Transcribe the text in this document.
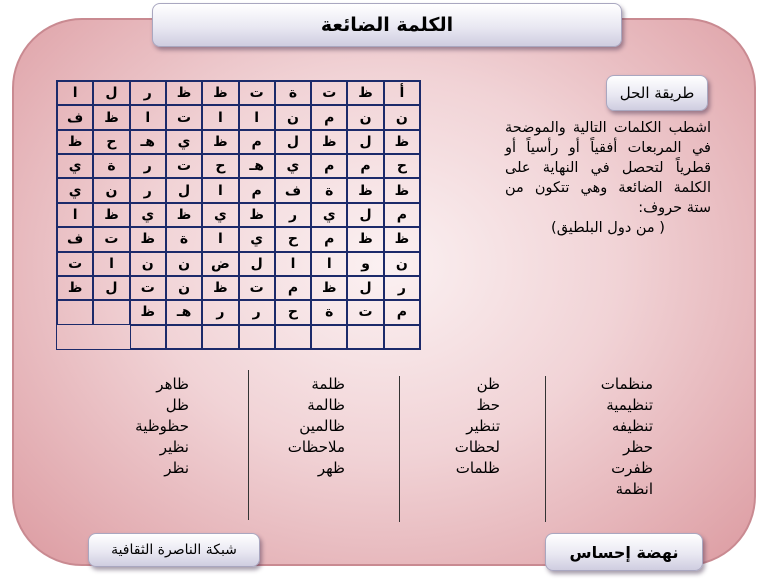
الكلمة الضائعة
أ
ظ
ت
ة
ت
ظ
ظ
ر
ل
ا
ن
ن
م
ن
ا
ا
ت
ا
ظ
ف
ظ
ل
ظ
ل
م
ظ
ي
هـ
ح
ظ
ح
م
م
ي
هـ
ح
ت
ر
ة
ي
ظ
ظ
ة
ف
م
ا
ل
ر
ن
ي
م
ل
ي
ر
ظ
ي
ظ
ي
ظ
ا
ظ
ظ
م
ح
ي
ا
ة
ظ
ت
ف
ن
و
ا
ا
ل
ض
ن
ن
ا
ت
ر
ل
ظ
م
ت
ظ
ن
ت
ل
ظ
م
ت
ة
ح
ر
ر
هـ
ظ
طريقة الحل
اشطب الكلمات التالية والموضحة في المربعات أفقياً أو رأسياً أو قطرياً لتحصل في النهاية على الكلمة الضائعة وهي تتكون من ستة حروف:
( من دول البلطيق)
منظمات
تنظيمية
تنظيفه
حظر
ظفرت
انظمة
ظن
حظ
تنظير
لحظات
ظلمات
ظلمة
ظالمة
ظالمين
ملاحظات
ظهر
ظاهر
ظل
حظوظية
نظير
نظر
نهضة إحساس
شبكة الناصرة الثقافية
